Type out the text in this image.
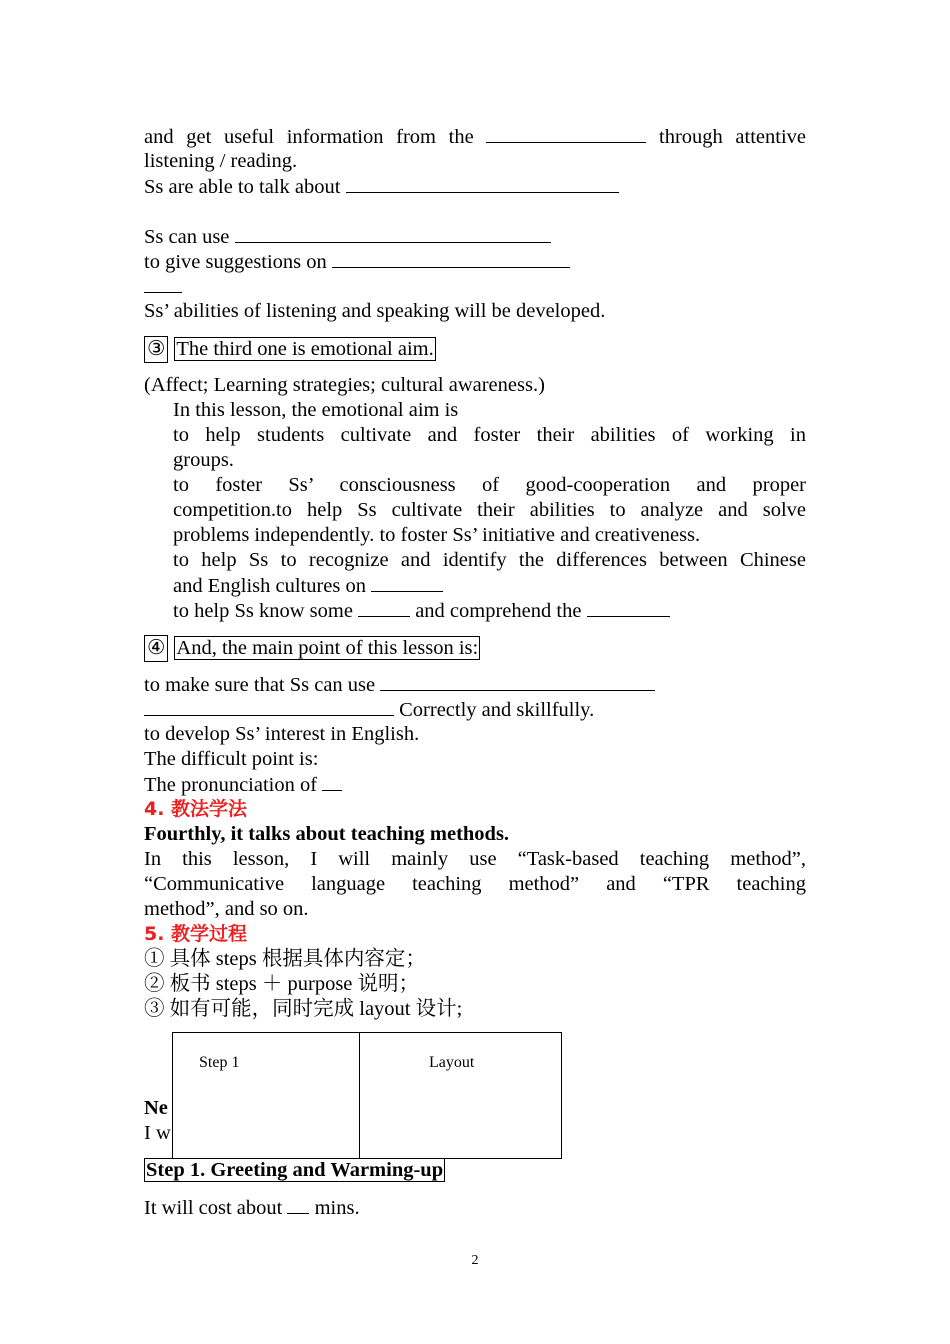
and get useful information from the	through attentive
listening / reading.
Ss are able to talk about
Ss can use
to give suggestions on
Ss’ abilities of listening and speaking will be developed.
③ The third one is emotional aim.
(Affect; Learning strategies; cultural awareness.)
In this lesson, the emotional aim is
to help students cultivate and foster their abilities of working in
groups.
to foster Ss’ consciousness of good-cooperation and proper
competition.to help Ss cultivate their abilities to analyze and solve
problems independently. to foster Ss’ initiative and creativeness.
to help Ss to recognize and identify the differences between Chinese
and English cultures on
to help Ss know some	and comprehend the
④ And, the main point of this lesson is:
to make sure that Ss can use
Correctly and skillfully.
to develop Ss’ interest in English.
The difficult point is:
The pronunciation of
4. 教法学法
Fourthly, it talks about teaching methods.
In this lesson, I will mainly use “Task-based teaching method”,
“Communicative language teaching method” and “TPR teaching
method”, and so on.
5. 教学过程
① 具体 steps 根据具体内容定；
② 板书 steps ＋ purpose 说明；
③ 如有可能，同时完成 layout 设计;
Ne
I w
Step 1	Layout
Step 1. Greeting and Warming-up
It will cost about mins.
2
